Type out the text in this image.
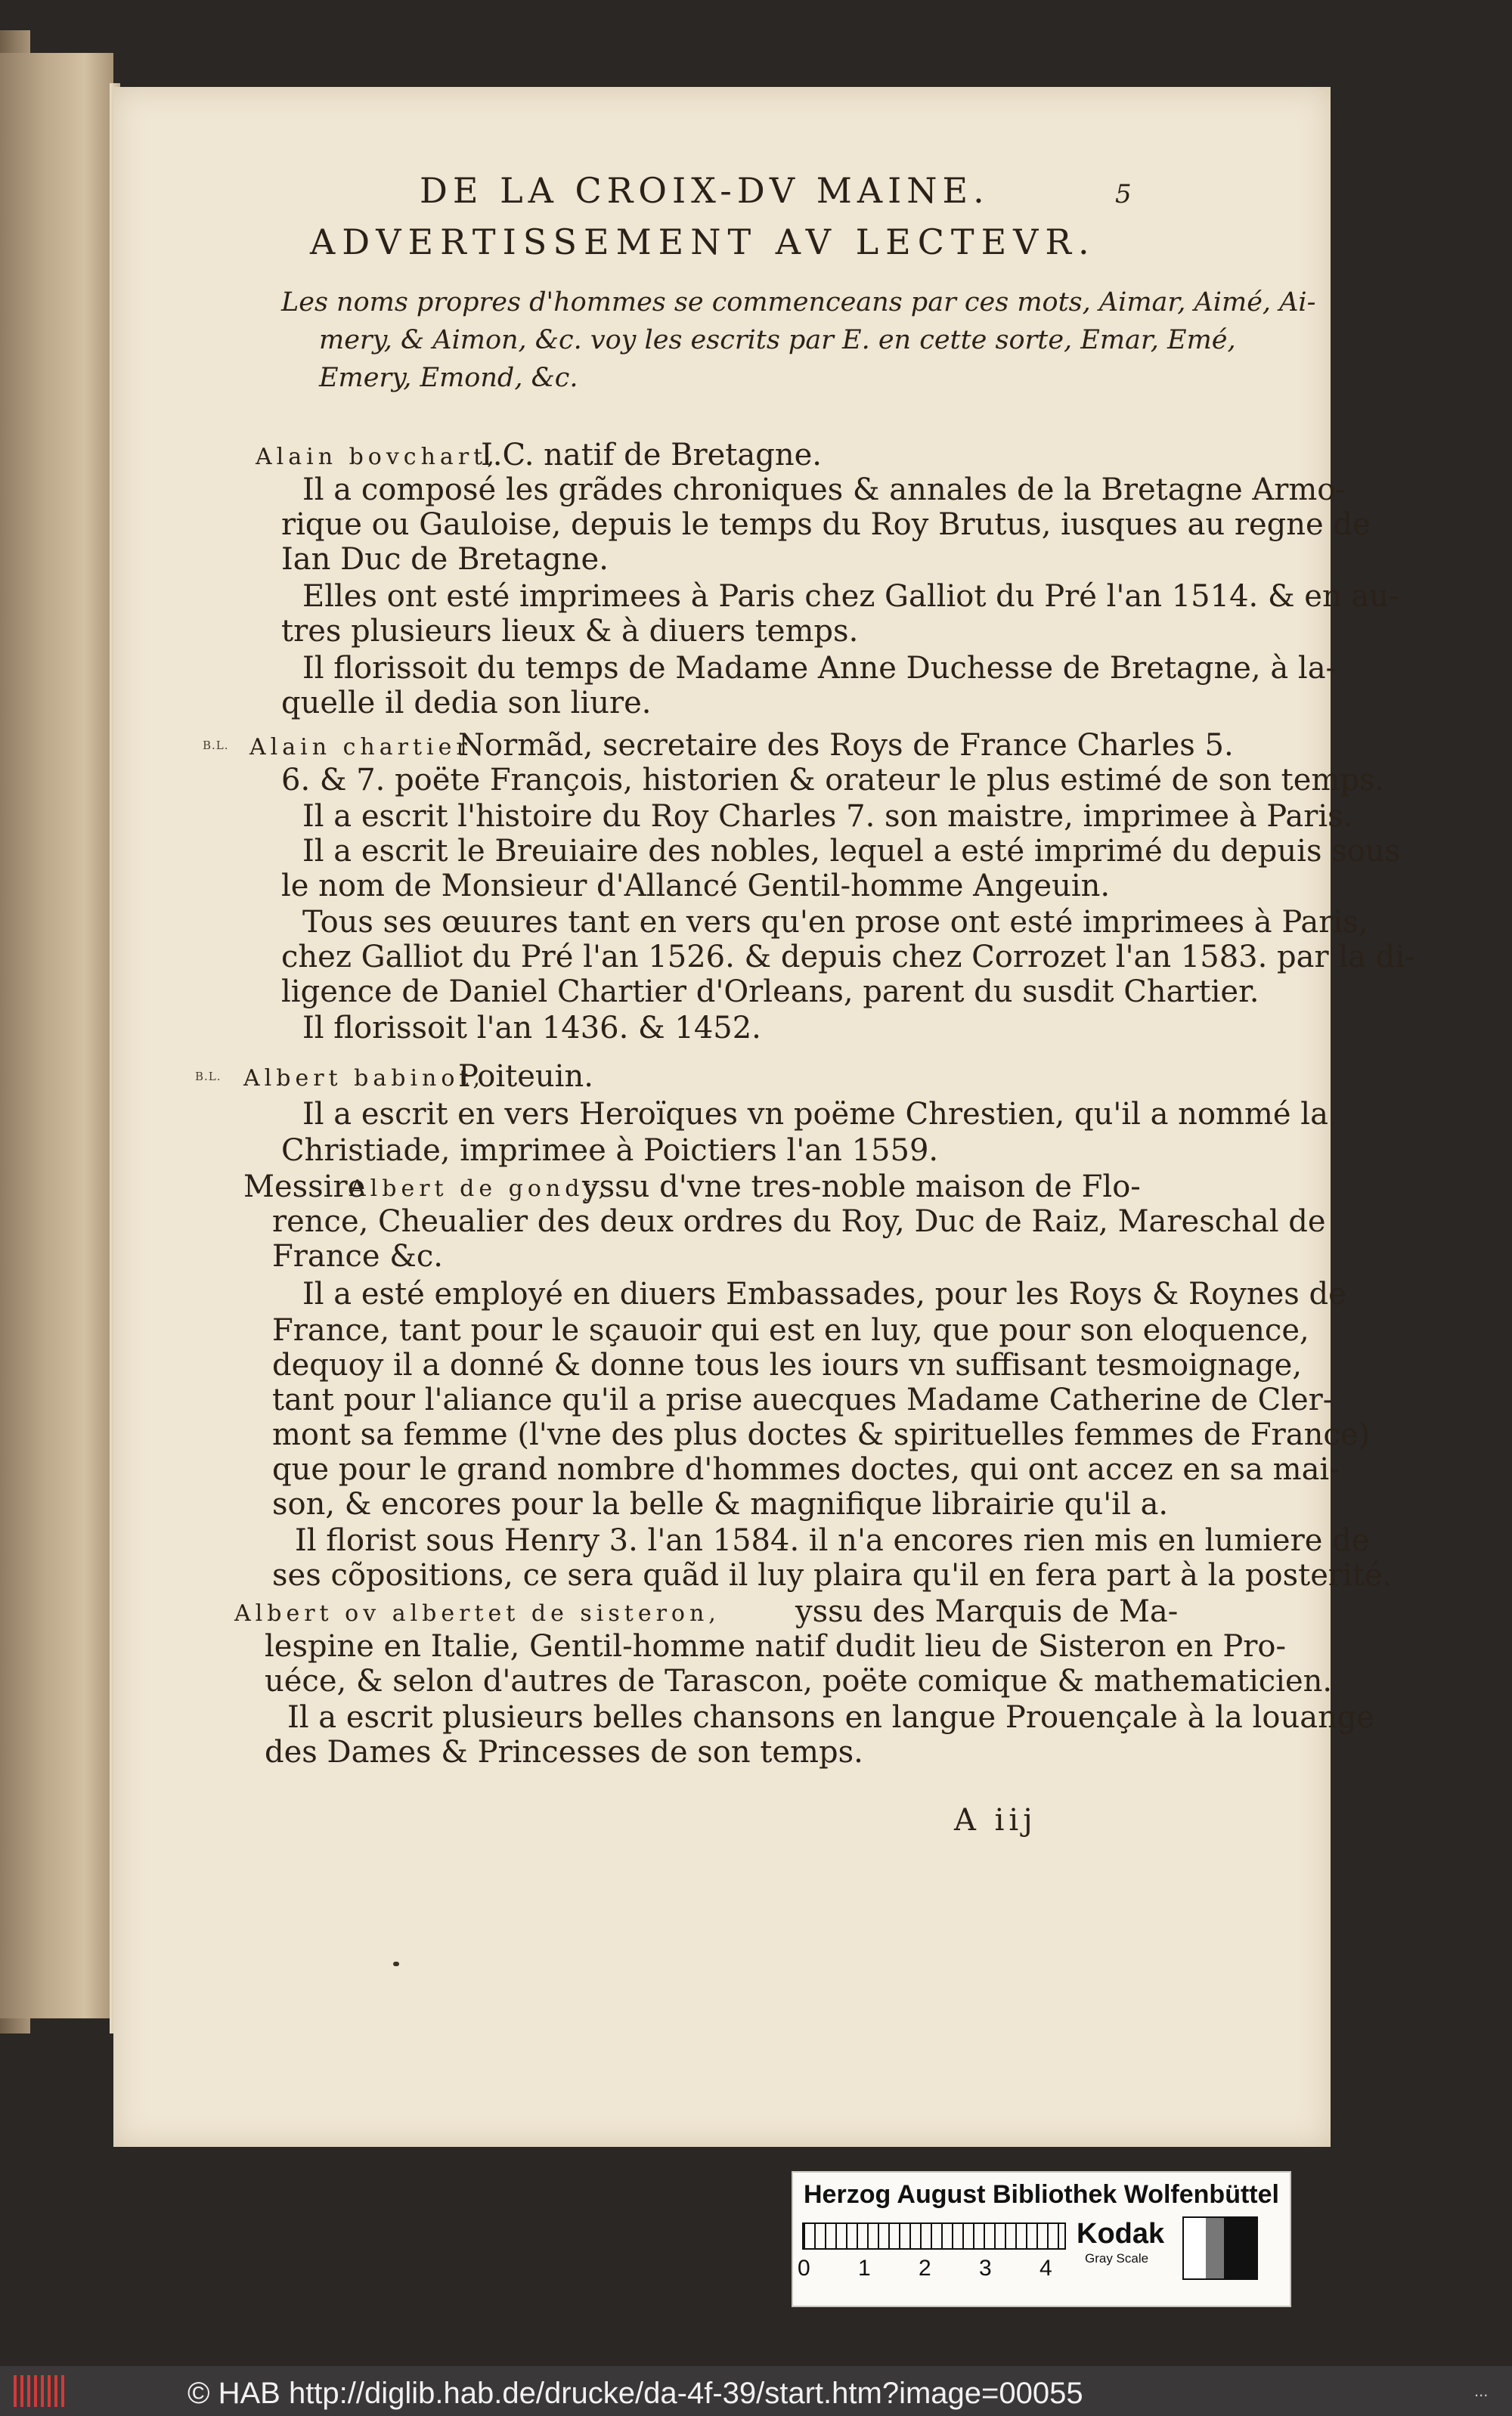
DE LA CROIX-DV MAINE.	5
ADVERTISSEMENT AV LECTEVR.
Les noms propres d'hommes se commenceans par ces mots, Aimar, Aimé, Ai-
mery, & Aimon, &c. voy les escrits par E. en cette sorte, Emar, Emé,
Emery, Emond, &c.
Alain bovchart,
I.C. natif de Bretagne.
Il a composé les grãdes chroniques & annales de la Bretagne Armo-
rique ou Gauloise, depuis le temps du Roy Brutus, iusques au regne de
Ian Duc de Bretagne.
Elles ont esté imprimees à Paris chez Galliot du Pré l'an 1514. & en au-
tres plusieurs lieux & à diuers temps.
Il florissoit du temps de Madame Anne Duchesse de Bretagne, à la-
quelle il dedia son liure.
B.L. Alain chartier
Normãd, secretaire des Roys de France Charles 5.
6. & 7. poëte François, historien & orateur le plus estimé de son temps.
Il a escrit l'histoire du Roy Charles 7. son maistre, imprimee à Paris.
Il a escrit le Breuiaire des nobles, lequel a esté imprimé du depuis sous
le nom de Monsieur d'Allancé Gentil-homme Angeuin.
Tous ses œuures tant en vers qu'en prose ont esté imprimees à Paris,
chez Galliot du Pré l'an 1526. & depuis chez Corrozet l'an 1583. par la di-
ligence de Daniel Chartier d'Orleans, parent du susdit Chartier.
Il florissoit l'an 1436. & 1452.
B.L. Albert babinot,
Poiteuin.
Il a escrit en vers Heroïques vn poëme Chrestien, qu'il a nommé la
Christiade, imprimee à Poictiers l'an 1559.
Messire
Albert de gondy,
yssu d'vne tres-noble maison de Flo-
rence, Cheualier des deux ordres du Roy, Duc de Raiz, Mareschal de
France &c.
Il a esté employé en diuers Embassades, pour les Roys & Roynes de
France, tant pour le sçauoir qui est en luy, que pour son eloquence,
dequoy il a donné & donne tous les iours vn suffisant tesmoignage,
tant pour l'aliance qu'il a prise auecques Madame Catherine de Cler-
mont sa femme (l'vne des plus doctes & spirituelles femmes de France)
que pour le grand nombre d'hommes doctes, qui ont accez en sa mai-
son, & encores pour la belle & magnifique librairie qu'il a.
Il florist sous Henry 3. l'an 1584. il n'a encores rien mis en lumiere de
ses cõpositions, ce sera quãd il luy plaira qu'il en fera part à la posterité.
Albert ov albertet de sisteron, yssu des Marquis de Ma-
lespine en Italie, Gentil-homme natif dudit lieu de Sisteron en Pro-
uéce, & selon d'autres de Tarascon, poëte comique & mathematicien.
Il a escrit plusieurs belles chansons en langue Prouençale à la louange
des Dames & Princesses de son temps.
A iij
Herzog August Bibliothek Wolfenbüttel
0 1 2 3 4
Kodak
Gray Scale
© HAB http://diglib.hab.de/drucke/da-4f-39/start.htm?image=00055	...
